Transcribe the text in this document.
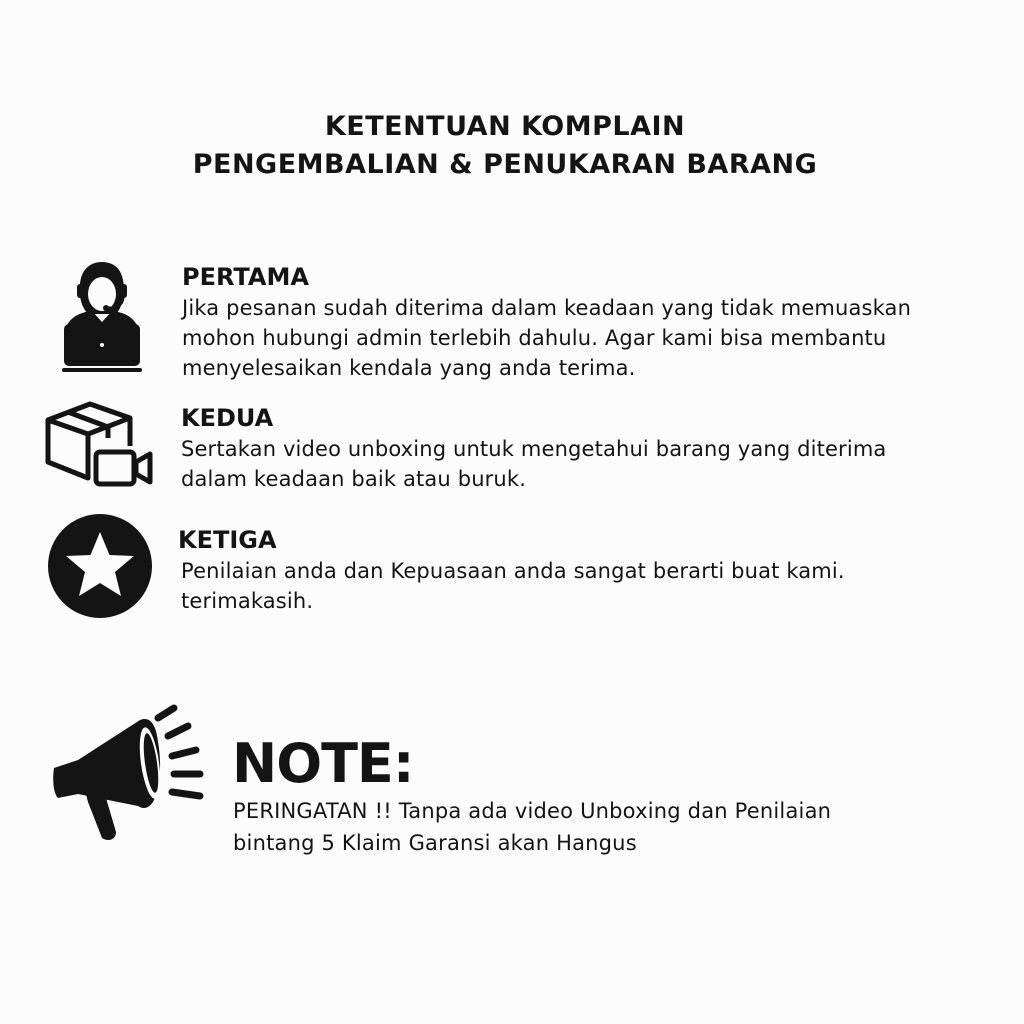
KETENTUAN KOMPLAIN
PENGEMBALIAN & PENUKARAN BARANG
PERTAMA
Jika pesanan sudah diterima dalam keadaan yang tidak memuaskan
mohon hubungi admin terlebih dahulu. Agar kami bisa membantu
menyelesaikan kendala yang anda terima.
KEDUA
Sertakan video unboxing untuk mengetahui barang yang diterima
dalam keadaan baik atau buruk.
KETIGA
Penilaian anda dan Kepuasaan anda sangat berarti buat kami.
terimakasih.
NOTE:
PERINGATAN !! Tanpa ada video Unboxing dan Penilaian
bintang 5 Klaim Garansi akan Hangus
